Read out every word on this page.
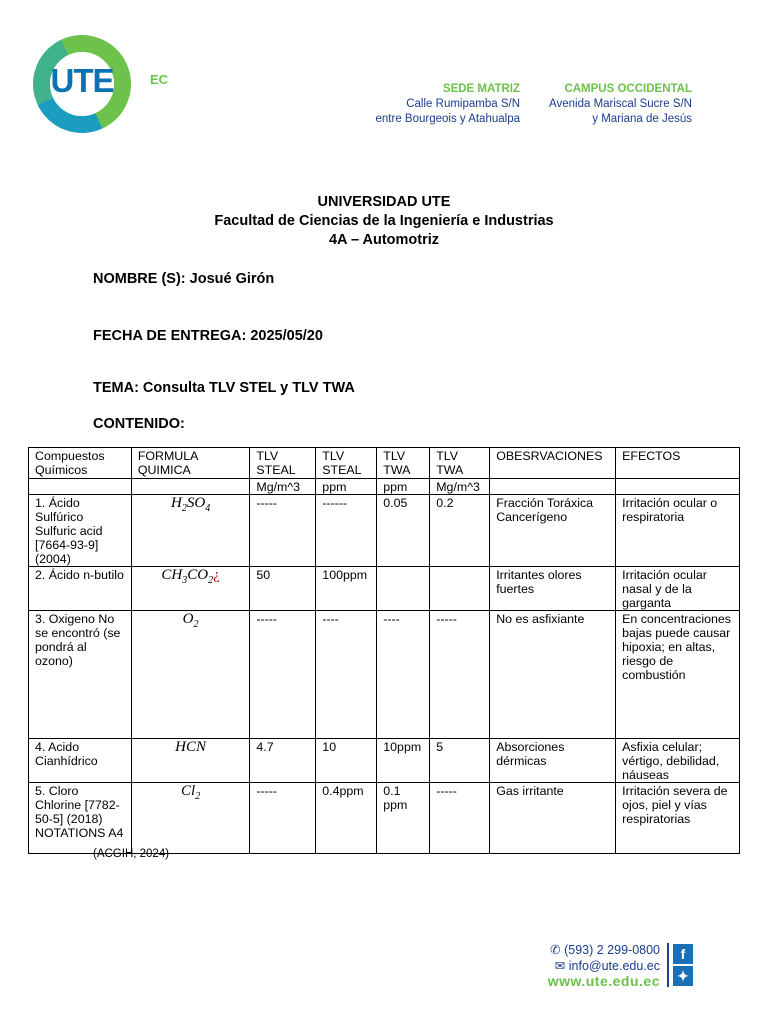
UTE	EC
SEDE MATRIZ
Calle Rumipamba S/N
entre Bourgeois y Atahualpa
CAMPUS OCCIDENTAL
Avenida Mariscal Sucre S/N
y Mariana de Jesús
UNIVERSIDAD UTE
Facultad de Ciencias de la Ingeniería e Industrias
4A – Automotriz
NOMBRE (S): Josué Girón
FECHA DE ENTREGA: 2025/05/20
TEMA: Consulta TLV STEL y TLV TWA
CONTENIDO:
Compuestos Químicos	FORMULA QUIMICA	TLV STEAL	TLV STEAL	TLV TWA	TLV TWA	OBESRVACIONES	EFECTOS
		Mg/m^3	ppm	ppm	Mg/m^3		
1. Ácido Sulfúrico Sulfuric acid [7664-93-9] (2004)	$H_2SO_4$	-----	------	0.05	0.2	Fracción Toráxica Cancerígeno	Irritación ocular o respiratoria
2. Ácido n-butilo	$CH_3CO_2¿$	50	100ppm			Irritantes olores fuertes	Irritación ocular nasal y de la garganta
3. Oxigeno No se encontró (se pondrá al ozono)	$O_2$	-----	----	----	-----	No es asfixiante	En concentraciones bajas puede causar hipoxia; en altas, riesgo de combustión
4. Acido Cianhídrico	HCN	4.7	10	10ppm	5	Absorciones dérmicas	Asfixia celular; vértigo, debilidad, náuseas
5. Cloro Chlorine [7782-50-5] (2018) NOTATIONS A4	$Cl_2$	-----	0.4ppm	0.1 ppm	-----	Gas irritante	Irritación severa de ojos, piel y vías respiratorias
(ACGIH, 2024)
✆ (593) 2 299-0800
✉ info@ute.edu.ec
www.ute.edu.ec
f
✦
